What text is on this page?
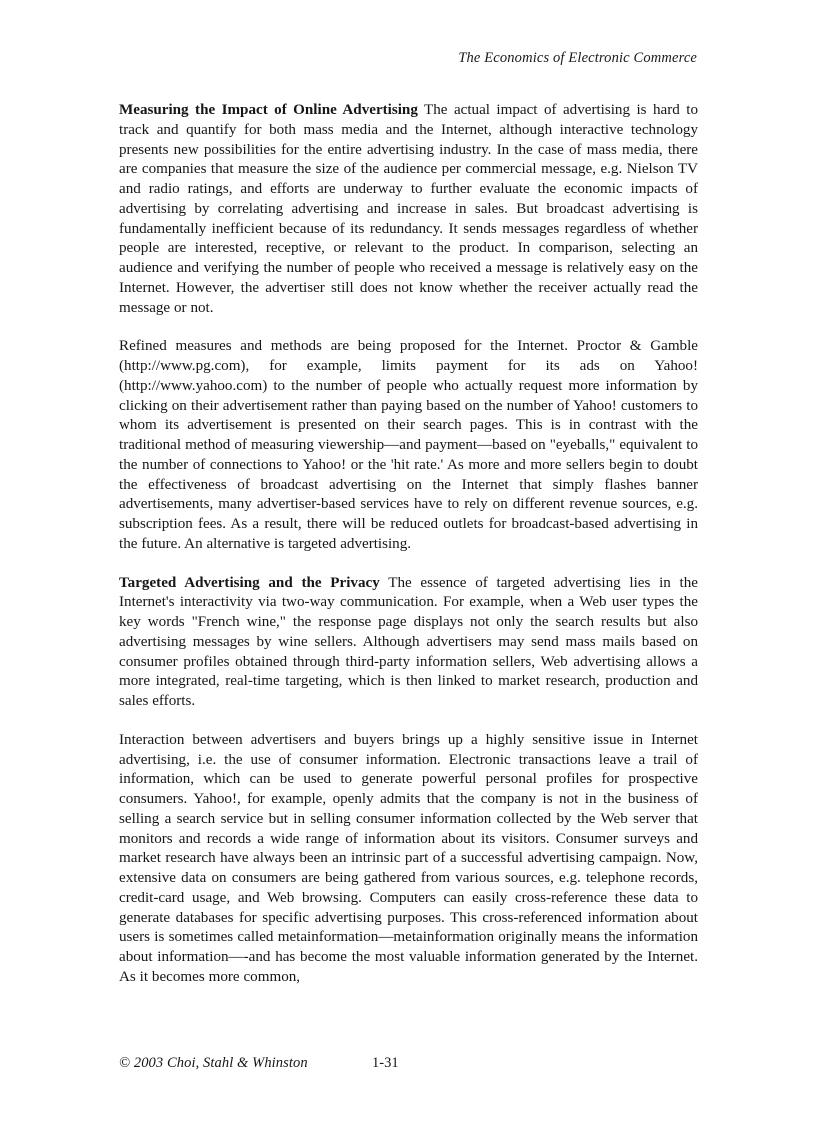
The Economics of Electronic Commerce

Measuring the Impact of Online Advertising The actual impact of advertising is hard to track and quantify for both mass media and the Internet, although interactive technology presents new possibilities for the entire advertising industry. In the case of mass media, there are companies that measure the size of the audience per commercial message, e.g. Nielson TV and radio ratings, and efforts are underway to further evaluate the economic impacts of advertising by correlating advertising and increase in sales. But broadcast advertising is fundamentally inefficient because of its redundancy. It sends messages regardless of whether people are interested, receptive, or relevant to the product. In comparison, selecting an audience and verifying the number of people who received a message is relatively easy on the Internet. However, the advertiser still does not know whether the receiver actually read the message or not.

Refined measures and methods are being proposed for the Internet. Proctor & Gamble (http://www.pg.com), for example, limits payment for its ads on Yahoo! (http://www.yahoo.com) to the number of people who actually request more information by clicking on their advertisement rather than paying based on the number of Yahoo! customers to whom its advertisement is presented on their search pages. This is in contrast with the traditional method of measuring viewership—and payment—based on "eyeballs," equivalent to the number of connections to Yahoo! or the 'hit rate.' As more and more sellers begin to doubt the effectiveness of broadcast advertising on the Internet that simply flashes banner advertisements, many advertiser-based services have to rely on different revenue sources, e.g. subscription fees. As a result, there will be reduced outlets for broadcast-based advertising in the future. An alternative is targeted advertising.

Targeted Advertising and the Privacy The essence of targeted advertising lies in the Internet's interactivity via two-way communication. For example, when a Web user types the key words "French wine," the response page displays not only the search results but also advertising messages by wine sellers. Although advertisers may send mass mails based on consumer profiles obtained through third-party information sellers, Web advertising allows a more integrated, real-time targeting, which is then linked to market research, production and sales efforts.

Interaction between advertisers and buyers brings up a highly sensitive issue in Internet advertising, i.e. the use of consumer information. Electronic transactions leave a trail of information, which can be used to generate powerful personal profiles for prospective consumers. Yahoo!, for example, openly admits that the company is not in the business of selling a search service but in selling consumer information collected by the Web server that monitors and records a wide range of information about its visitors. Consumer surveys and market research have always been an intrinsic part of a successful advertising campaign. Now, extensive data on consumers are being gathered from various sources, e.g. telephone records, credit-card usage, and Web browsing. Computers can easily cross-reference these data to generate databases for specific advertising purposes. This cross-referenced information about users is sometimes called metainformation—metainformation originally means the information about information—-and has become the most valuable information generated by the Internet. As it becomes more common,

© 2003 Choi, Stahl & Whinston	1-31
